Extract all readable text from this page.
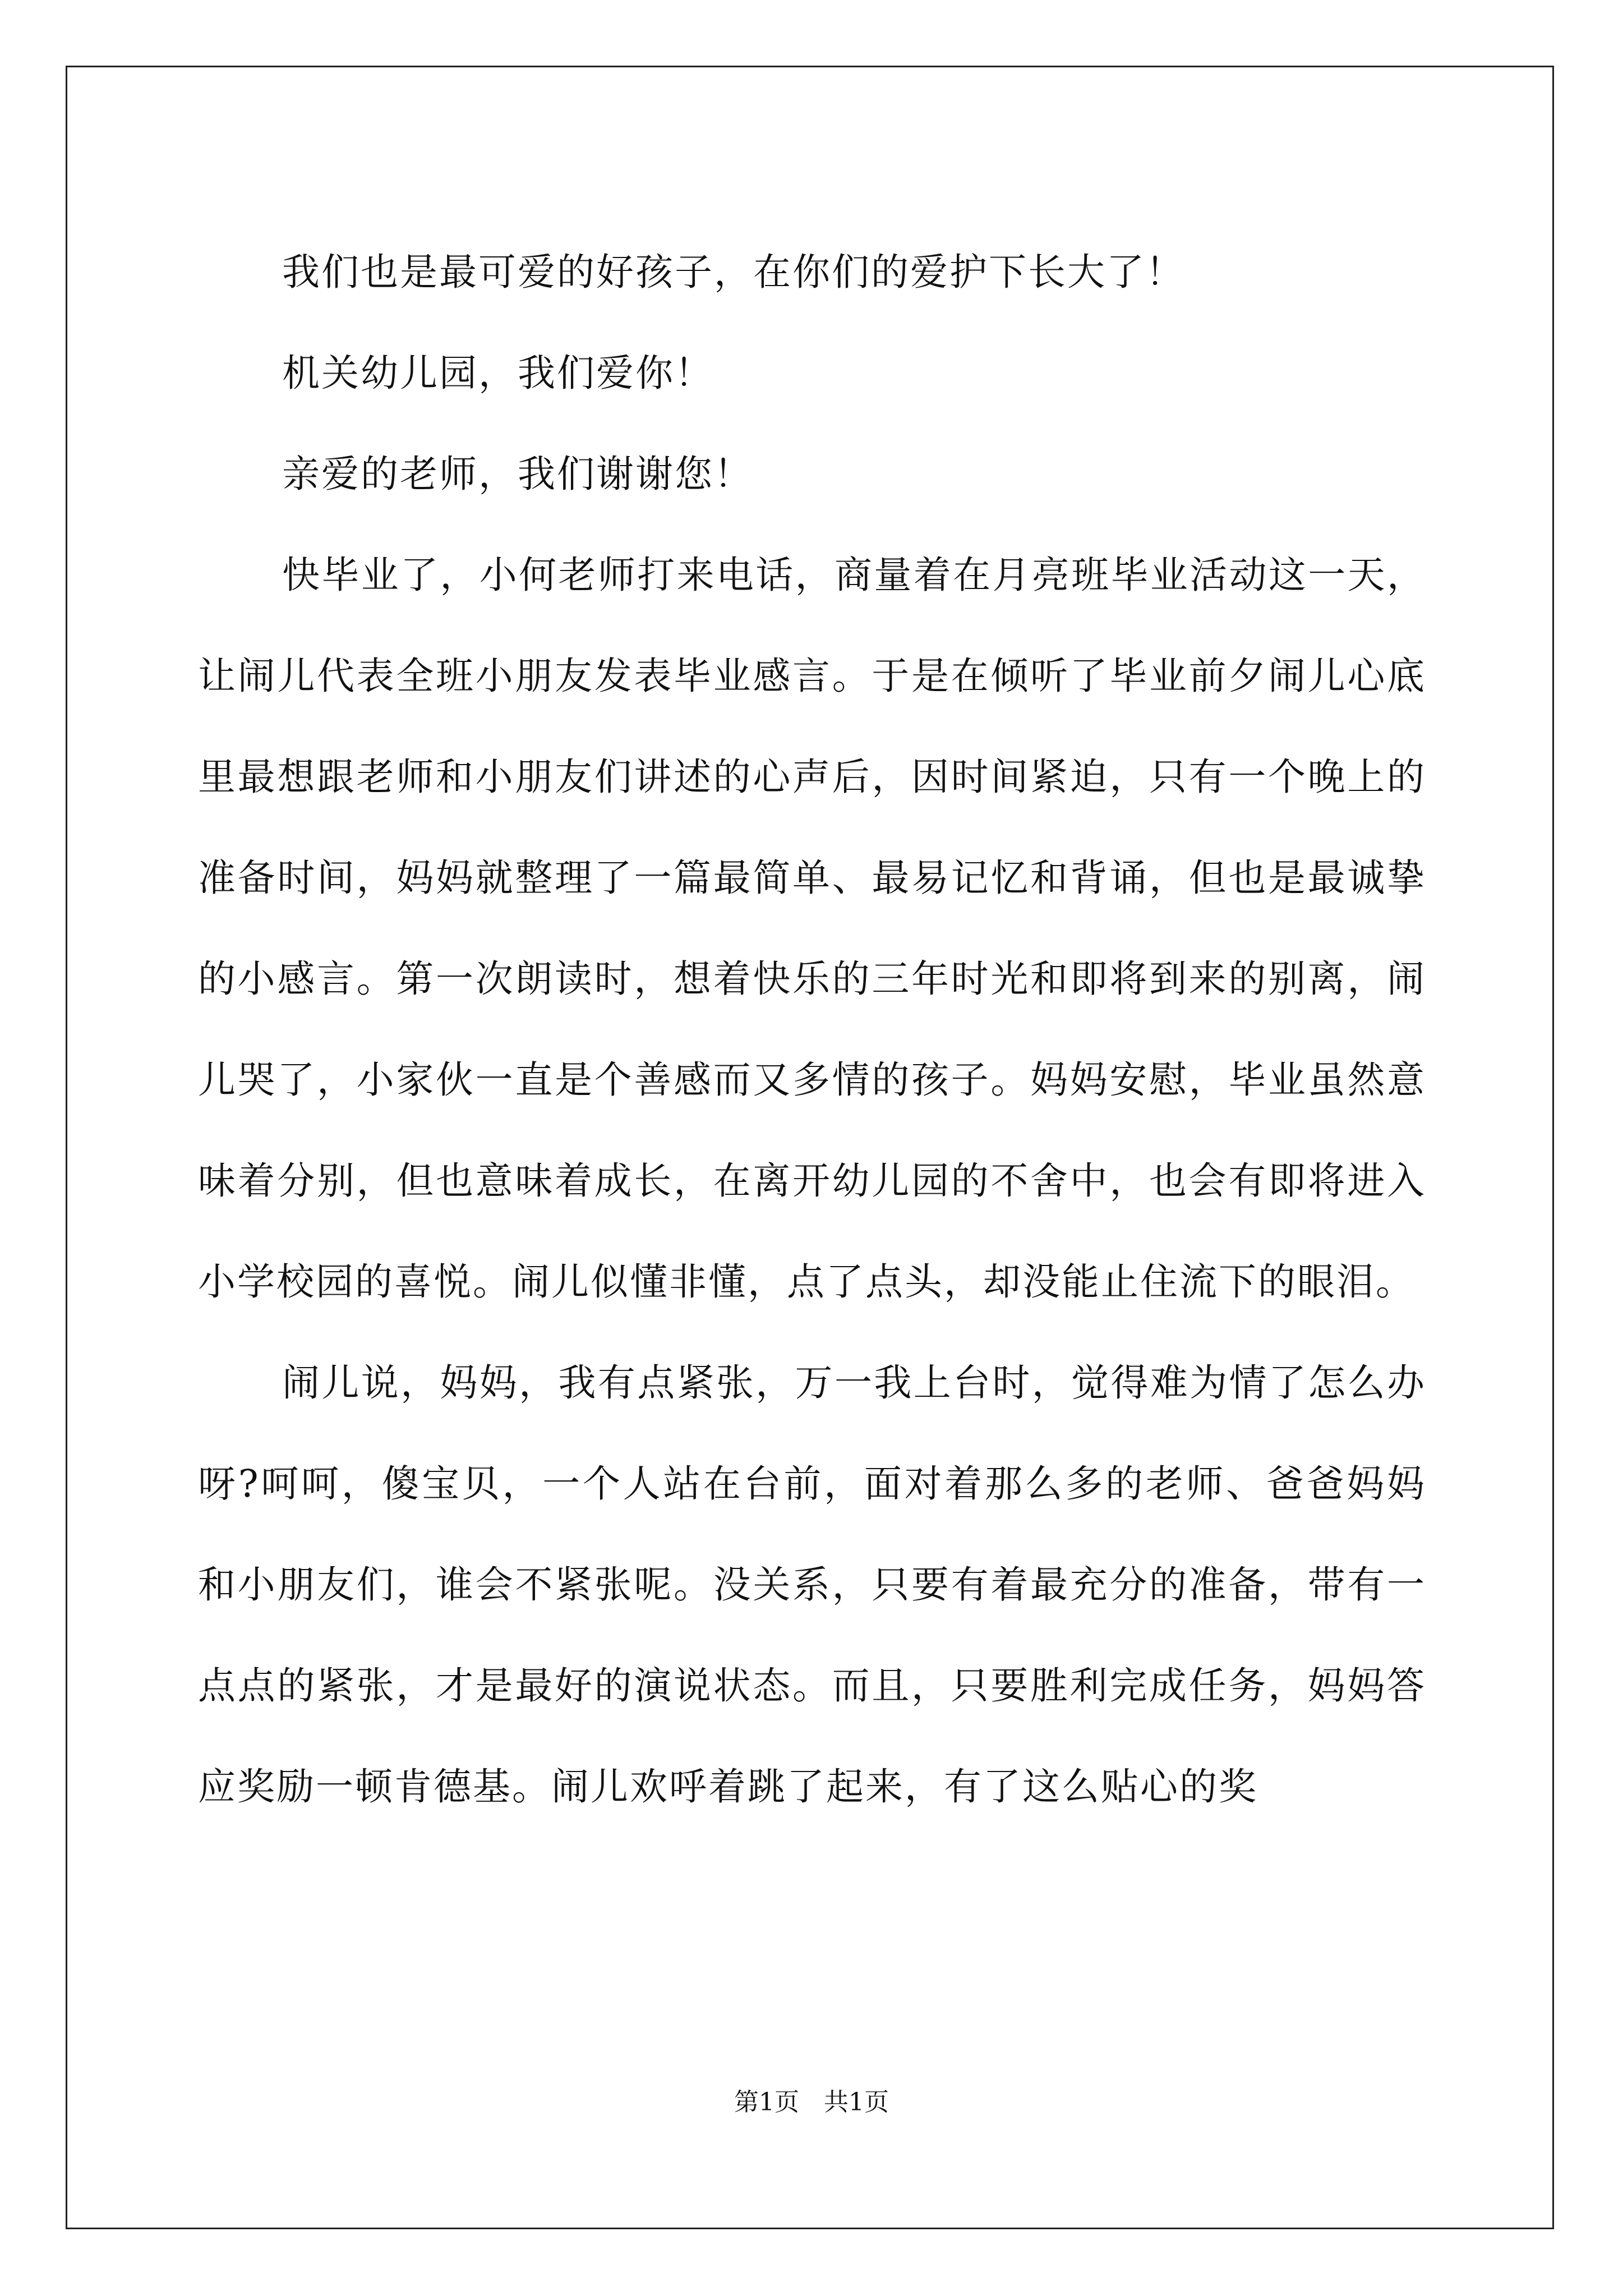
我们也是最可爱的好孩子，在你们的爱护下长大了！

机关幼儿园，我们爱你！

亲爱的老师，我们谢谢您！

快毕业了，小何老师打来电话，商量着在月亮班毕业活动这一天，让闹儿代表全班小朋友发表毕业感言。于是在倾听了毕业前夕闹儿心底里最想跟老师和小朋友们讲述的心声后，因时间紧迫，只有一个晚上的准备时间，妈妈就整理了一篇最简单、最易记忆和背诵，但也是最诚挚的小感言。第一次朗读时，想着快乐的三年时光和即将到来的别离，闹儿哭了，小家伙一直是个善感而又多情的孩子。妈妈安慰，毕业虽然意味着分别，但也意味着成长，在离开幼儿园的不舍中，也会有即将进入小学校园的喜悦。闹儿似懂非懂，点了点头，却没能止住流下的眼泪。

闹儿说，妈妈，我有点紧张，万一我上台时，觉得难为情了怎么办呀?呵呵，傻宝贝，一个人站在台前，面对着那么多的老师、爸爸妈妈和小朋友们，谁会不紧张呢。没关系，只要有着最充分的准备，带有一点点的紧张，才是最好的演说状态。而且，只要胜利完成任务，妈妈答应奖励一顿肯德基。闹儿欢呼着跳了起来，有了这么贴心的奖

第1页 共1页
